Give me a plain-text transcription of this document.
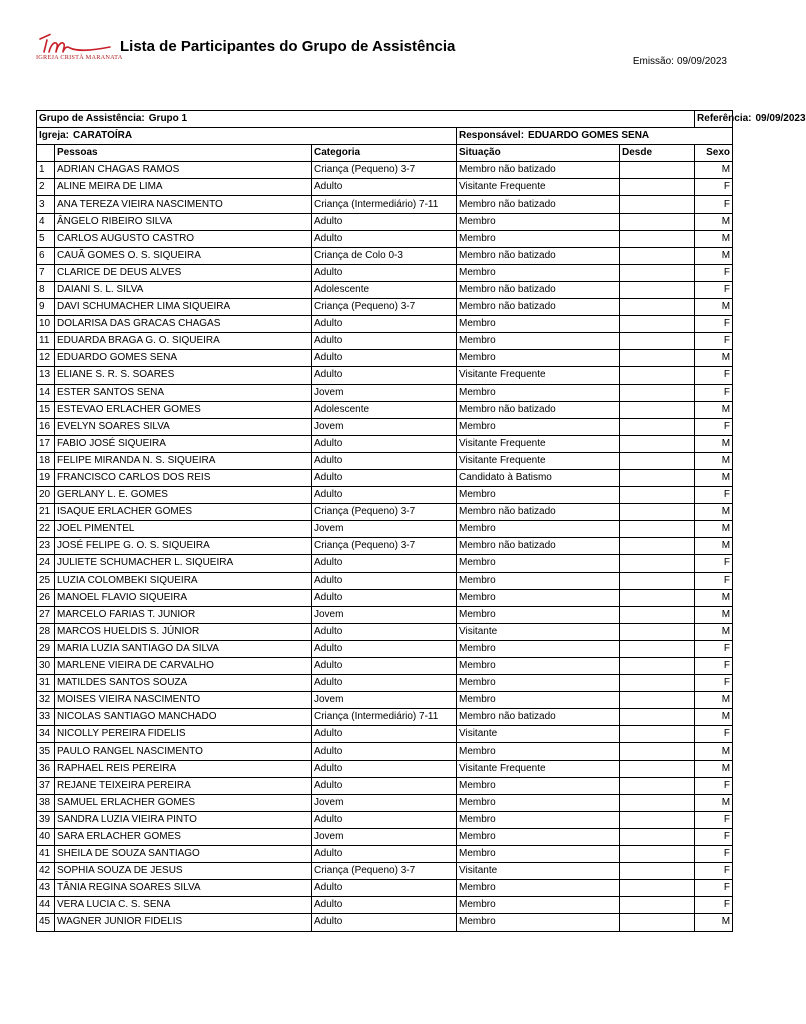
IGREJA CRISTÃ MARANATA
Lista de Participantes do Grupo de Assistência
Emissão: 09/09/2023
Grupo de Assistência: Grupo 1					Referência: 09/09/2023
Igreja: CARATOÍRA			Responsável: EDUARDO GOMES SENA		
	Pessoas	Categoria	Situação	Desde	Sexo
1	ADRIAN CHAGAS RAMOS	Criança (Pequeno) 3-7	Membro não batizado		M
2	ALINE MEIRA DE LIMA	Adulto	Visitante Frequente		F
3	ANA TEREZA VIEIRA NASCIMENTO	Criança (Intermediário) 7-11	Membro não batizado		F
4	ÂNGELO RIBEIRO SILVA	Adulto	Membro		M
5	CARLOS AUGUSTO CASTRO	Adulto	Membro		M
6	CAUÃ GOMES O. S. SIQUEIRA	Criança de Colo 0-3	Membro não batizado		M
7	CLARICE DE DEUS ALVES	Adulto	Membro		F
8	DAIANI S. L. SILVA	Adolescente	Membro não batizado		F
9	DAVI SCHUMACHER LIMA SIQUEIRA	Criança (Pequeno) 3-7	Membro não batizado		M
10	DOLARISA DAS GRACAS CHAGAS	Adulto	Membro		F
11	EDUARDA BRAGA G. O. SIQUEIRA	Adulto	Membro		F
12	EDUARDO GOMES SENA	Adulto	Membro		M
13	ELIANE S. R. S. SOARES	Adulto	Visitante Frequente		F
14	ESTER SANTOS SENA	Jovem	Membro		F
15	ESTEVAO ERLACHER GOMES	Adolescente	Membro não batizado		M
16	EVELYN SOARES SILVA	Jovem	Membro		F
17	FABIO JOSÉ SIQUEIRA	Adulto	Visitante Frequente		M
18	FELIPE MIRANDA N. S. SIQUEIRA	Adulto	Visitante Frequente		M
19	FRANCISCO CARLOS DOS REIS	Adulto	Candidato à Batismo		M
20	GERLANY L. E. GOMES	Adulto	Membro		F
21	ISAQUE ERLACHER GOMES	Criança (Pequeno) 3-7	Membro não batizado		M
22	JOEL PIMENTEL	Jovem	Membro		M
23	JOSÉ FELIPE G. O. S. SIQUEIRA	Criança (Pequeno) 3-7	Membro não batizado		M
24	JULIETE SCHUMACHER L. SIQUEIRA	Adulto	Membro		F
25	LUZIA COLOMBEKI SIQUEIRA	Adulto	Membro		F
26	MANOEL FLAVIO SIQUEIRA	Adulto	Membro		M
27	MARCELO FARIAS T. JUNIOR	Jovem	Membro		M
28	MARCOS HUELDIS S. JÚNIOR	Adulto	Visitante		M
29	MARIA LUZIA SANTIAGO DA SILVA	Adulto	Membro		F
30	MARLENE VIEIRA DE CARVALHO	Adulto	Membro		F
31	MATILDES SANTOS SOUZA	Adulto	Membro		F
32	MOISES VIEIRA NASCIMENTO	Jovem	Membro		M
33	NICOLAS SANTIAGO MANCHADO	Criança (Intermediário) 7-11	Membro não batizado		M
34	NICOLLY PEREIRA FIDELIS	Adulto	Visitante		F
35	PAULO RANGEL NASCIMENTO	Adulto	Membro		M
36	RAPHAEL REIS PEREIRA	Adulto	Visitante Frequente		M
37	REJANE TEIXEIRA PEREIRA	Adulto	Membro		F
38	SAMUEL ERLACHER GOMES	Jovem	Membro		M
39	SANDRA LUZIA VIEIRA PINTO	Adulto	Membro		F
40	SARA ERLACHER GOMES	Jovem	Membro		F
41	SHEILA DE SOUZA SANTIAGO	Adulto	Membro		F
42	SOPHIA SOUZA DE JESUS	Criança (Pequeno) 3-7	Visitante		F
43	TÂNIA REGINA SOARES SILVA	Adulto	Membro		F
44	VERA LUCIA C. S. SENA	Adulto	Membro		F
45	WAGNER JUNIOR FIDELIS	Adulto	Membro		M
